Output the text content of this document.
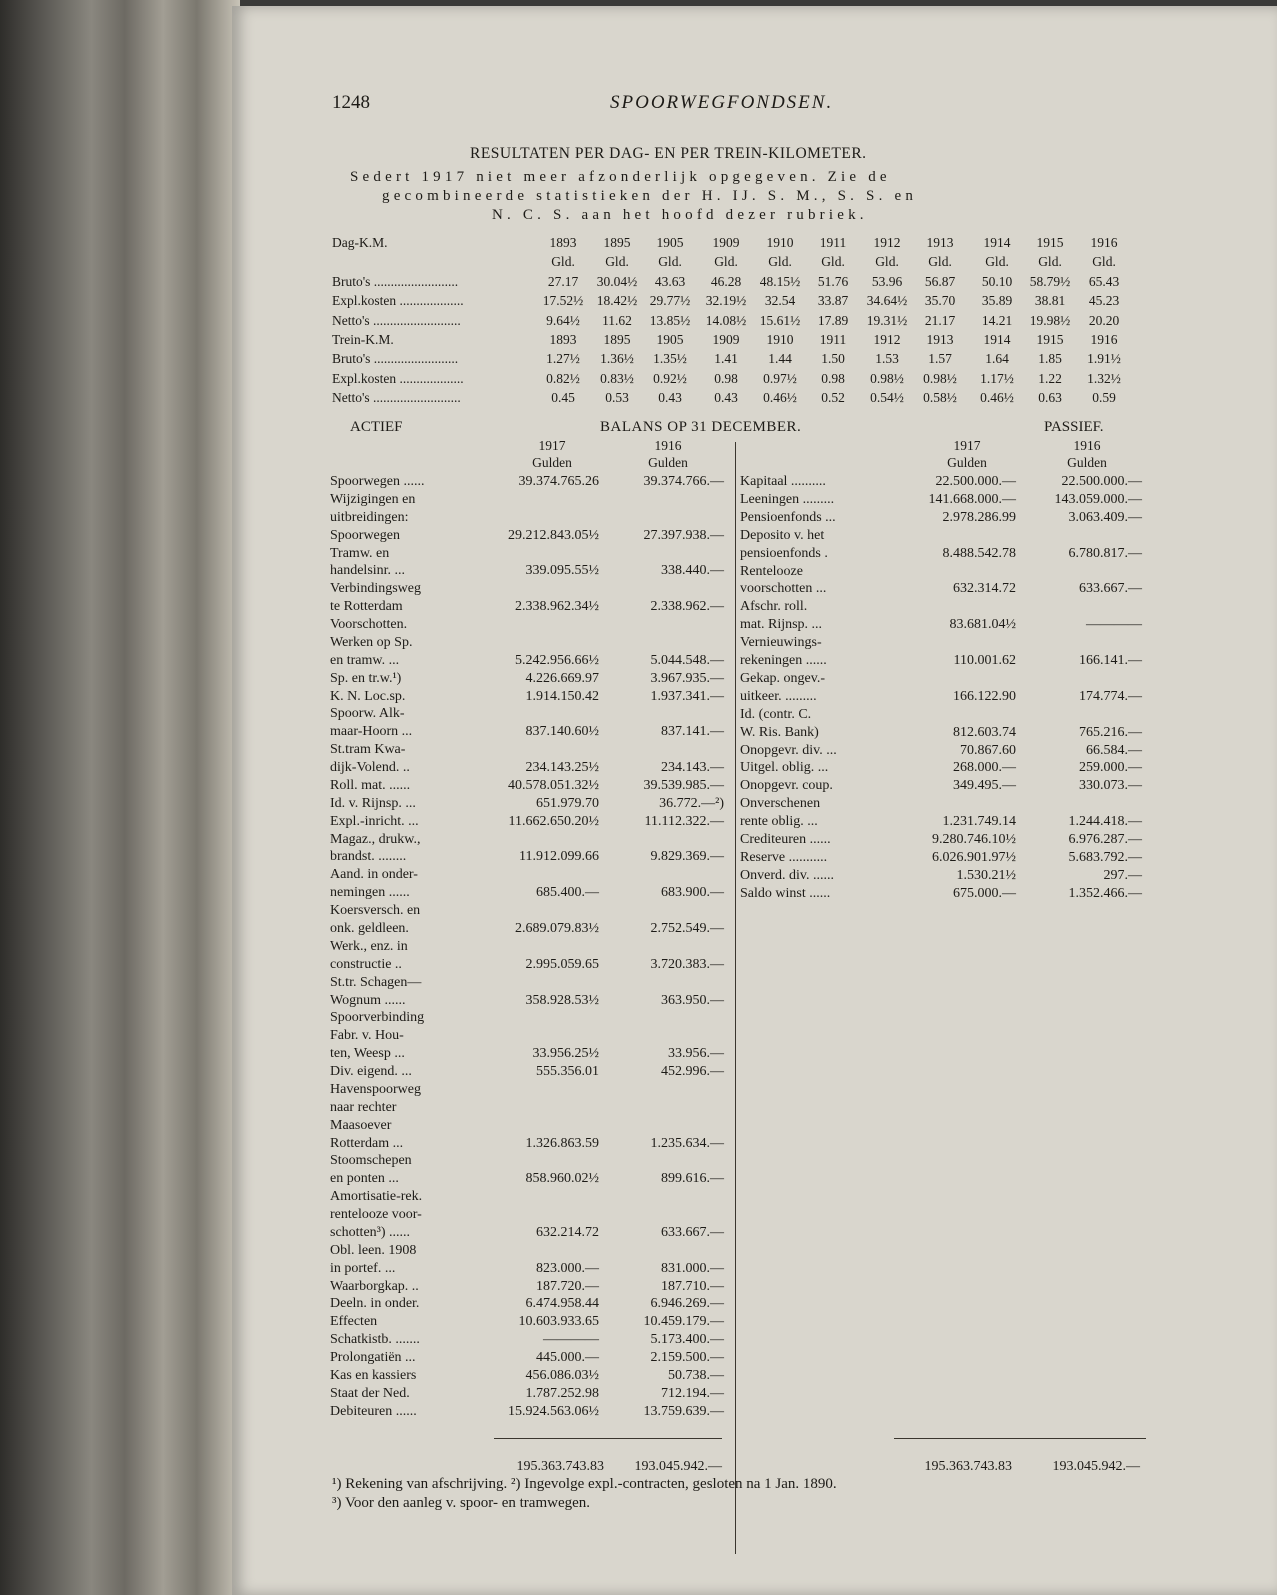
1248	SPOORWEGFONDSEN.
RESULTATEN PER DAG- EN PER TREIN-KILOMETER.
Sedert 1917 niet meer afzonderlijk opgegeven. Zie de
gecombineerde statistieken der H. IJ. S. M., S. S. en
N. C. S. aan het hoofd dezer rubriek.
Dag-K.M.	1893	1895	1905	1909	1910	1911	1912	1913	1914	1915	1916
Gld.	Gld.	Gld.	Gld.	Gld.	Gld.	Gld.	Gld.	Gld.	Gld.	Gld.
Bruto's .........................	27.17	30.04½	43.63	46.28	48.15½	51.76	53.96	56.87	50.10	58.79½	65.43
Expl.kosten ...................	17.52½	18.42½ 29.77½	32.19½	32.54	33.87	34.64½	35.70	35.89	38.81	45.23
Netto's ..........................	9.64½	11.62	13.85½	14.08½	15.61½	17.89	19.31½	21.17	14.21	19.98½	20.20
Trein-K.M.	1893	1895	1905	1909	1910	1911	1912	1913	1914	1915	1916
Bruto's .........................	1.27½	1.36½	1.35½	1.41	1.44	1.50	1.53	1.57	1.64	1.85	1.91½
Expl.kosten ...................	0.82½	0.83½	0.92½	0.98	0.97½	0.98	0.98½	0.98½	1.17½	1.22	1.32½
Netto's ..........................	0.45	0.53	0.43	0.43	0.46½	0.52	0.54½	0.58½	0.46½	0.63	0.59
ACTIEF	BALANS OP 31 DECEMBER.	PASSIEF.
1917	1916
Gulden	Gulden
1917	1916
Gulden	Gulden
Spoorwegen ......	39.374.765.26	39.374.766.—
Wijzigingen en
uitbreidingen:
Spoorwegen	29.212.843.05½	27.397.938.—
Tramw. en
handelsinr. ...	339.095.55½	338.440.—
Verbindingsweg
te Rotterdam	2.338.962.34½	2.338.962.—
Voorschotten.
Werken op Sp.
en tramw. ...	5.242.956.66½	5.044.548.—
Sp. en tr.w.¹)	4.226.669.97	3.967.935.—
K. N. Loc.sp.	1.914.150.42	1.937.341.—
Spoorw. Alk-
maar-Hoorn ...	837.140.60½	837.141.—
St.tram Kwa-
dijk-Volend. ..	234.143.25½	234.143.—
Roll. mat. ......	40.578.051.32½	39.539.985.—
Id. v. Rijnsp. ...	651.979.70	36.772.—²)
Expl.-inricht. ...	11.662.650.20½	11.112.322.—
Magaz., drukw.,
brandst. ........	11.912.099.66	9.829.369.—
Aand. in onder-
nemingen ......	685.400.—	683.900.—
Koersversch. en
onk. geldleen.	2.689.079.83½	2.752.549.—
Werk., enz. in
constructie ..	2.995.059.65	3.720.383.—
St.tr. Schagen—
Wognum ......	358.928.53½	363.950.—
Spoorverbinding
Fabr. v. Hou-
ten, Weesp ...	33.956.25½	33.956.—
Div. eigend. ...	555.356.01	452.996.—
Havenspoorweg
naar rechter
Maasoever
Rotterdam ...	1.326.863.59	1.235.634.—
Stoomschepen
en ponten ...	858.960.02½	899.616.—
Amortisatie-rek.
rentelooze voor-
schotten³) ......	632.214.72	633.667.—
Obl. leen. 1908
in portef. ...	823.000.—	831.000.—
Waarborgkap. ..	187.720.—	187.710.—
Deeln. in onder.	6.474.958.44	6.946.269.—
Effecten	10.603.933.65	10.459.179.—
Schatkistb. .......	————	5.173.400.—
Prolongatiën ...	445.000.—	2.159.500.—
Kas en kassiers	456.086.03½	50.738.—
Staat der Ned.	1.787.252.98	712.194.—
Debiteuren ......	15.924.563.06½	13.759.639.—
Kapitaal ..........	22.500.000.—	22.500.000.—
Leeningen .........	141.668.000.—	143.059.000.—
Pensioenfonds ...	2.978.286.99	3.063.409.—
Deposito v. het
pensioenfonds .	8.488.542.78	6.780.817.—
Rentelooze
voorschotten ...	632.314.72	633.667.—
Afschr. roll.
mat. Rijnsp. ...	83.681.04½	————
Vernieuwings-
rekeningen ......	110.001.62	166.141.—
Gekap. ongev.-
uitkeer. .........	166.122.90	174.774.—
Id. (contr. C.
W. Ris. Bank)	812.603.74	765.216.—
Onopgevr. div. ...	70.867.60	66.584.—
Uitgel. oblig. ...	268.000.—	259.000.—
Onopgevr. coup.	349.495.—	330.073.—
Onverschenen
rente oblig. ...	1.231.749.14	1.244.418.—
Crediteuren ......	9.280.746.10½	6.976.287.—
Reserve ...........	6.026.901.97½	5.683.792.—
Onverd. div. ......	1.530.21½	297.—
Saldo winst ......	675.000.—	1.352.466.—
195.363.743.83	193.045.942.—	195.363.743.83	193.045.942.—
¹) Rekening van afschrijving. ²) Ingevolge expl.-contracten, gesloten na 1 Jan. 1890.
³) Voor den aanleg v. spoor- en tramwegen.
